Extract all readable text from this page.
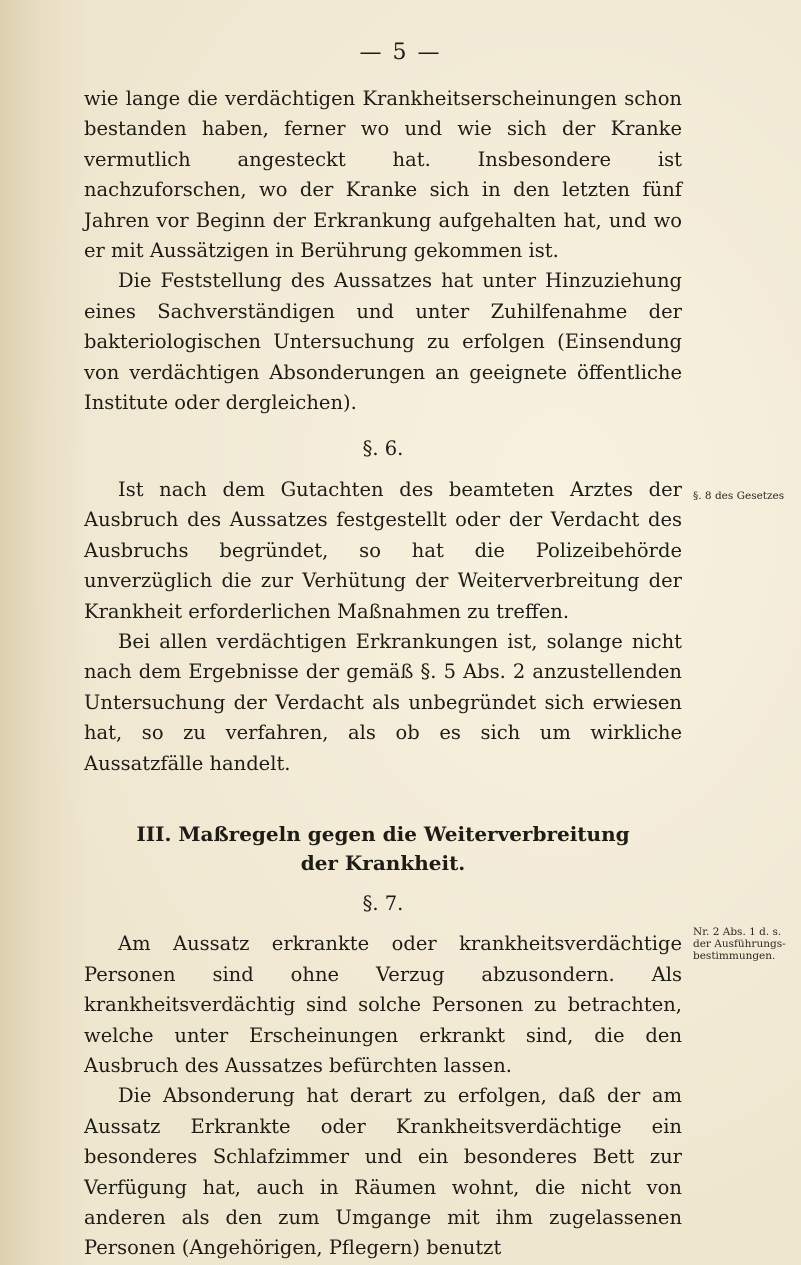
— 5 —

wie lange die verdächtigen Krankheitserscheinungen schon bestanden haben, ferner wo und wie sich der Kranke vermutlich angesteckt hat. Insbesondere ist nachzuforschen, wo der Kranke sich in den letzten fünf Jahren vor Beginn der Erkrankung aufgehalten hat, und wo er mit Aussätzigen in Berührung gekommen ist.

Die Feststellung des Aussatzes hat unter Hinzuziehung eines Sachverständigen und unter Zuhilfenahme der bakteriologischen Untersuchung zu erfolgen (Einsendung von verdächtigen Absonderungen an geeignete öffentliche Institute oder dergleichen).

§. 6.

Ist nach dem Gutachten des beamteten Arztes der Ausbruch des Aussatzes festgestellt oder der Verdacht des Ausbruchs begründet, so hat die Polizeibehörde unverzüglich die zur Verhütung der Weiterverbreitung der Krankheit erforderlichen Maßnahmen zu treffen.

Bei allen verdächtigen Erkrankungen ist, solange nicht nach dem Ergebnisse der gemäß §. 5 Abs. 2 anzustellenden Untersuchung der Verdacht als unbegründet sich erwiesen hat, so zu verfahren, als ob es sich um wirkliche Aussatzfälle handelt.

III. Maßregeln gegen die Weiterverbreitung
der Krankheit.
§. 7.

Am Aussatz erkrankte oder krankheitsverdächtige Personen sind ohne Verzug abzusondern. Als krankheitsverdächtig sind solche Personen zu betrachten, welche unter Erscheinungen erkrankt sind, die den Ausbruch des Aussatzes befürchten lassen.

Die Absonderung hat derart zu erfolgen, daß der am Aussatz Erkrankte oder Krankheitsverdächtige ein besonderes Schlafzimmer und ein besonderes Bett zur Verfügung hat, auch in Räumen wohnt, die nicht von anderen als den zum Umgange mit ihm zugelassenen Personen (Angehörigen, Pflegern) benutzt

§. 8 des Gesetzes
Nr. 2 Abs. 1 d. s.
der Ausführungs-
bestimmungen.
